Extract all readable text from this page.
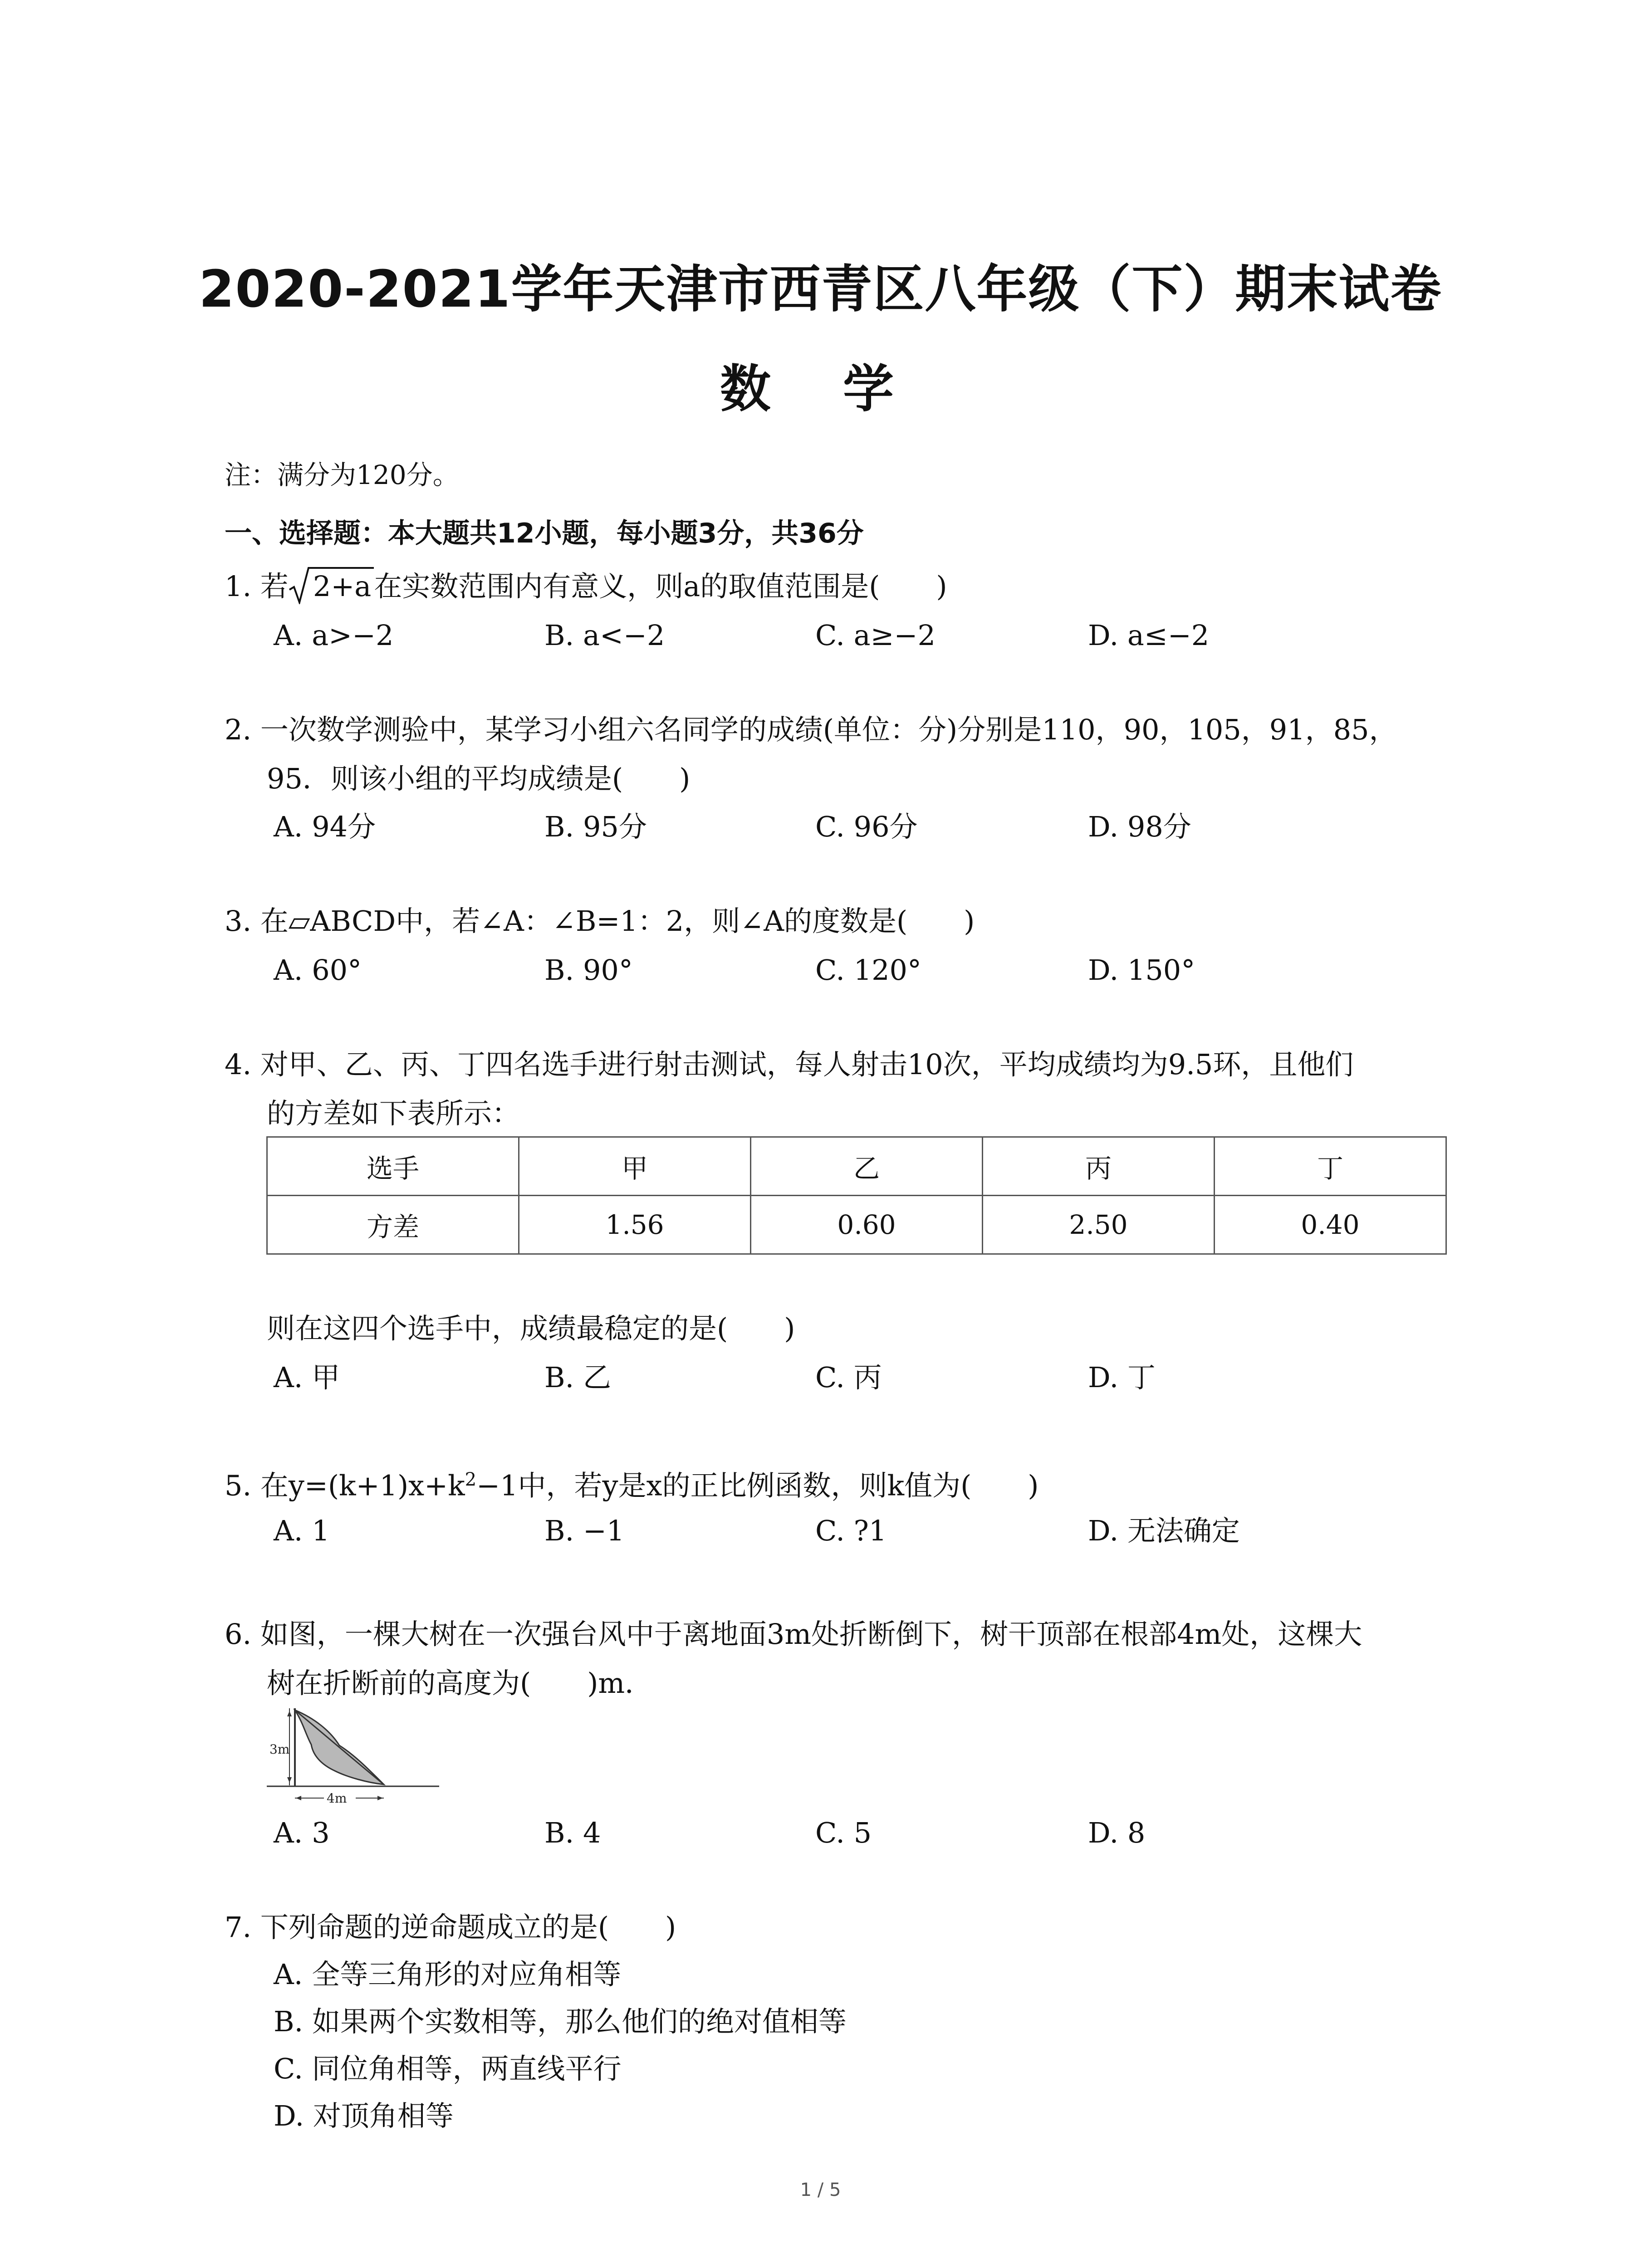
2020-2021学年天津市西青区八年级（下）期末试卷
数 学
注：满分为120分。
一、选择题：本大题共12小题，每小题3分，共36分
1. 若 2+a在实数范围内有意义，则a的取值范围是(　　)
A. a>−2	B. a<−2	C. a≥−2	D. a≤−2
2. 一次数学测验中，某学习小组六名同学的成绩(单位：分)分别是110，90，105，91，85，
95．则该小组的平均成绩是(　　)
A. 94分	B. 95分	C. 96分	D. 98分
3. 在▱ABCD中，若∠A：∠B=1：2，则∠A的度数是(　　)
A. 60°	B. 90°	C. 120°	D. 150°
4. 对甲、乙、丙、丁四名选手进行射击测试，每人射击10次，平均成绩均为9.5环，且他们
的方差如下表所示：
选手	甲	乙	丙	丁
方差	1.56	0.60	2.50	0.40
则在这四个选手中，成绩最稳定的是(　　)
A. 甲	B. 乙	C. 丙	D. 丁
5. 在$y=(k+1)x+k^2-1$中，若y是x的正比例函数，则k值为(　　)
A. 1	B. −1	C. ?1	D. 无法确定
6. 如图，一棵大树在一次强台风中于离地面3m处折断倒下，树干顶部在根部4m处，这棵大
树在折断前的高度为(　　)m．
3m
4m
A. 3	B. 4	C. 5	D. 8
7. 下列命题的逆命题成立的是(　　)
A. 全等三角形的对应角相等
B. 如果两个实数相等，那么他们的绝对值相等
C. 同位角相等，两直线平行
D. 对顶角相等
1 / 5
